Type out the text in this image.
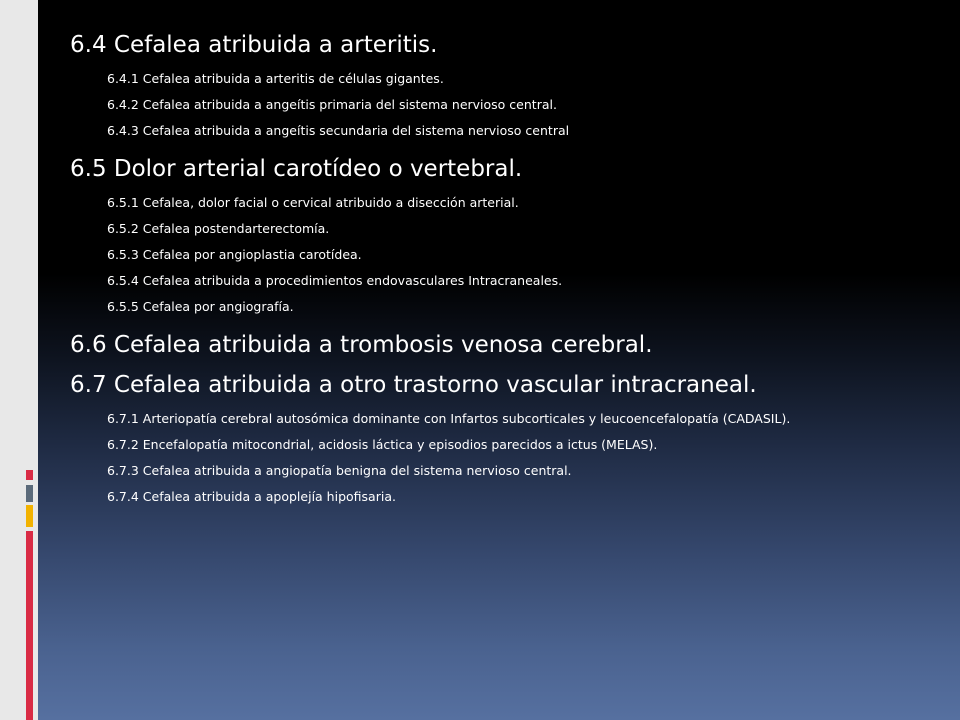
6.4 Cefalea atribuida a arteritis.

6.4.1 Cefalea atribuida a arteritis de células gigantes.

6.4.2 Cefalea atribuida a angeítis primaria del sistema nervioso central.

6.4.3 Cefalea atribuida a angeítis secundaria del sistema nervioso central

6.5 Dolor arterial carotídeo o vertebral.

6.5.1 Cefalea, dolor facial o cervical atribuido a disección arterial.

6.5.2 Cefalea postendarterectomía.

6.5.3 Cefalea por angioplastia carotídea.

6.5.4 Cefalea atribuida a procedimientos endovasculares Intracraneales.

6.5.5 Cefalea por angiografía.

6.6 Cefalea atribuida a trombosis venosa cerebral.

6.7 Cefalea atribuida a otro trastorno vascular intracraneal.

6.7.1 Arteriopatía cerebral autosómica dominante con Infartos subcorticales y leucoencefalopatía (CADASIL).

6.7.2 Encefalopatía mitocondrial, acidosis láctica y episodios parecidos a ictus (MELAS).

6.7.3 Cefalea atribuida a angiopatía benigna del sistema nervioso central.

6.7.4 Cefalea atribuida a apoplejía hipofisaria.
